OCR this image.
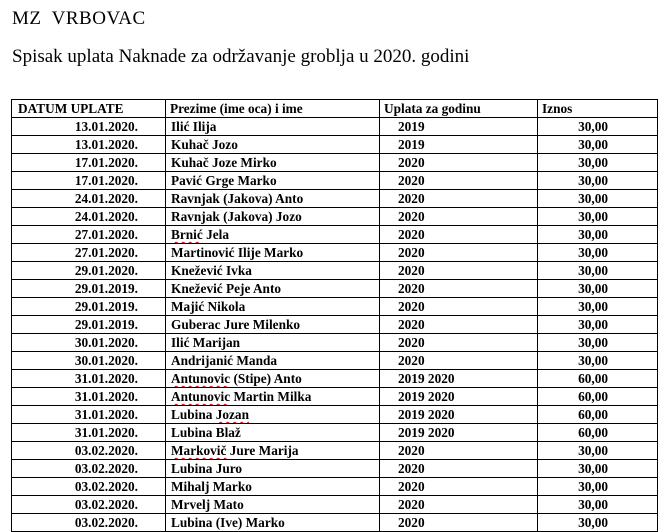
MZ  VRBOVAC
Spisak uplata Naknade za održavanje groblja u 2020. godini
DATUM UPLATE	Prezime (ime oca) i ime	Uplata za godinu	Iznos
13.01.2020.	Ilić Ilija	2019	30,00
13.01.2020.	Kuhač Jozo	2019	30,00
17.01.2020.	Kuhač Joze Mirko	2020	30,00
17.01.2020.	Pavić Grge Marko	2020	30,00
24.01.2020.	Ravnjak (Jakova) Anto	2020	30,00
24.01.2020.	Ravnjak (Jakova) Jozo	2020	30,00
27.01.2020.	Brnić Jela	2020	30,00
27.01.2020.	Martinović Ilije Marko	2020	30,00
29.01.2020.	Knežević Ivka	2020	30,00
29.01.2019.	Knežević Peje Anto	2020	30,00
29.01.2019.	Majić Nikola	2020	30,00
29.01.2019.	Guberac Jure Milenko	2020	30,00
30.01.2020.	Ilić Marijan	2020	30,00
30.01.2020.	Andrijanić Manda	2020	30,00
31.01.2020.	Antunovic (Stipe) Anto	2019 2020	60,00
31.01.2020.	Antunovic Martin Milka	2019 2020	60,00
31.01.2020.	Lubina Jozan	2019 2020	60,00
31.01.2020.	Lubina Blaž	2019 2020	60,00
03.02.2020.	Markovič Jure Marija	2020	30,00
03.02.2020.	Lubina Juro	2020	30,00
03.02.2020.	Mihalj Marko	2020	30,00
03.02.2020.	Mrvelj Mato	2020	30,00
03.02.2020.	Lubina (Ive) Marko	2020	30,00
